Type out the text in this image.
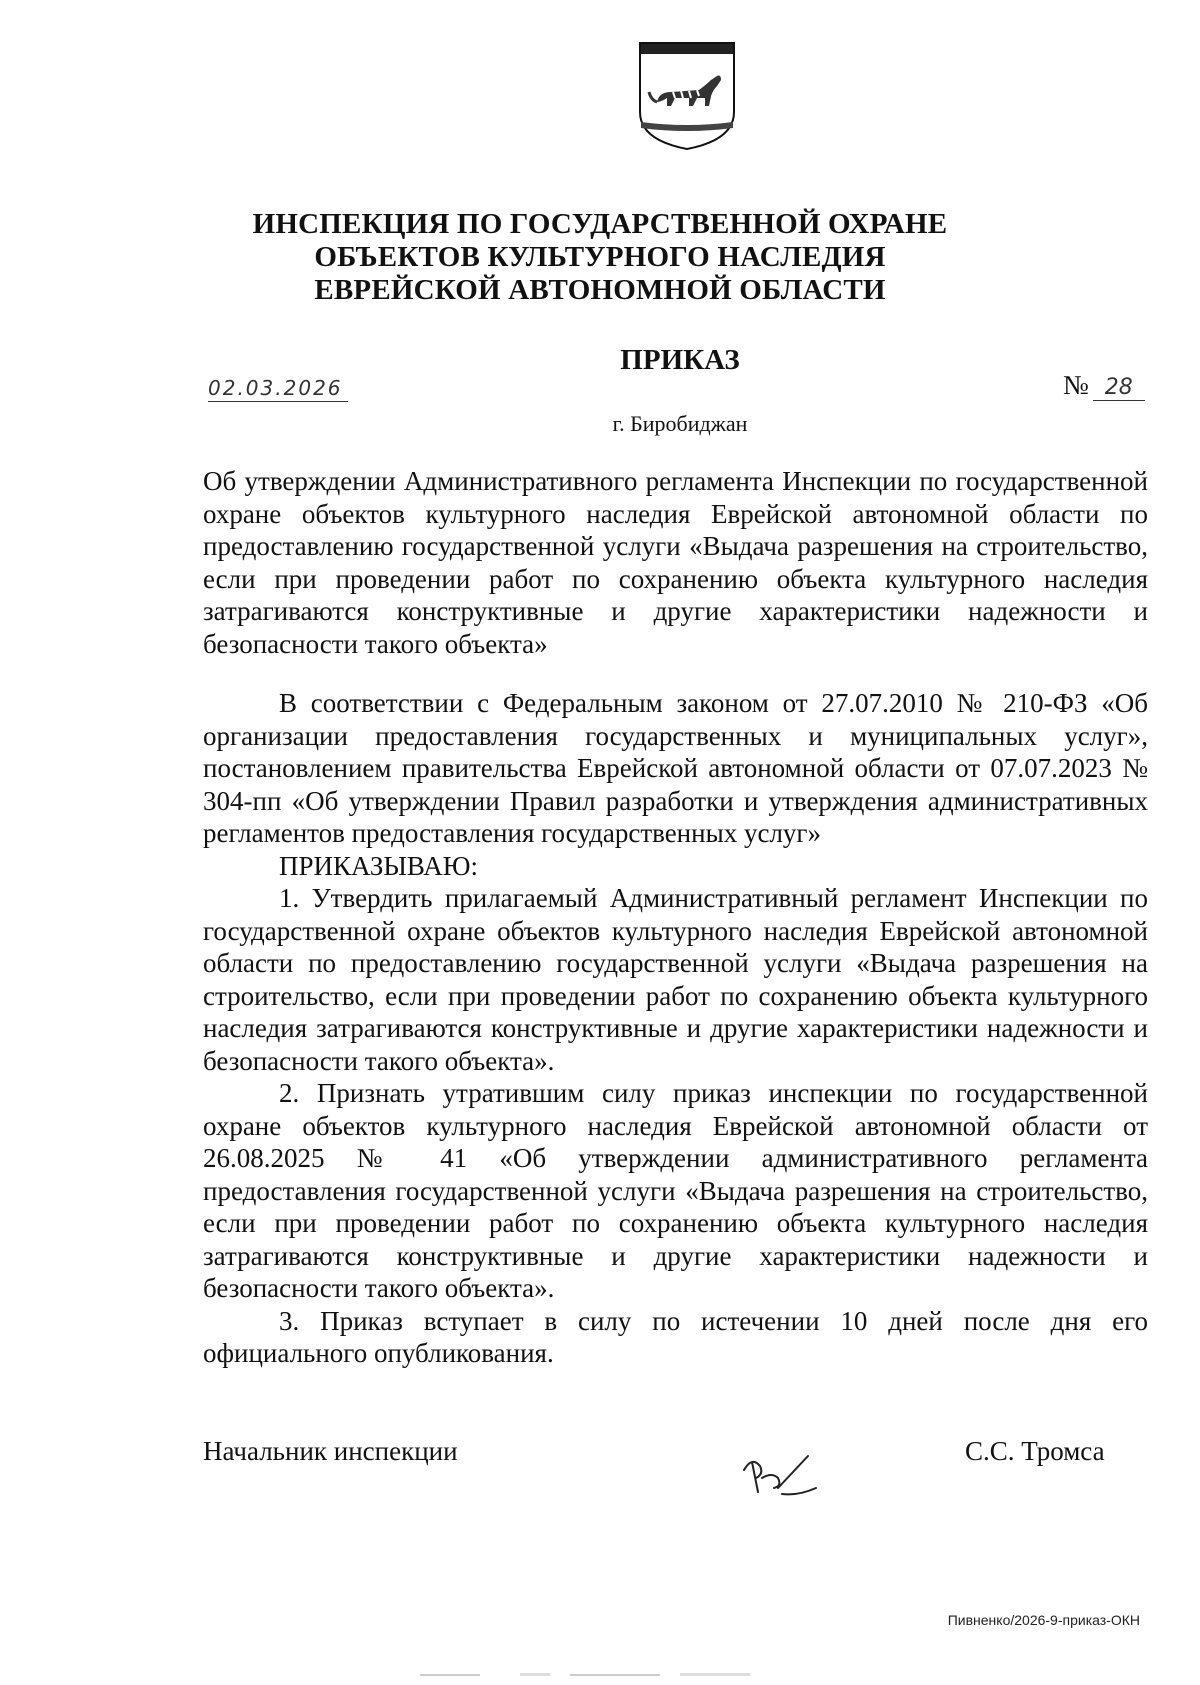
ИНСПЕКЦИЯ ПО ГОСУДАРСТВЕННОЙ ОХРАНЕ
ОБЪЕКТОВ КУЛЬТУРНОГО НАСЛЕДИЯ
ЕВРЕЙСКОЙ АВТОНОМНОЙ ОБЛАСТИ
ПРИКАЗ
02.03.2026	№ 28
г. Биробиджан
Об утверждении Административного регламента Инспекции по государственной охране объектов культурного наследия Еврейской автономной области по предоставлению государственной услуги «Выдача разрешения на строительство, если при проведении работ по сохранению объекта культурного наследия затрагиваются конструктивные и другие характеристики надежности и безопасности такого объекта»

В соответствии с Федеральным законом от 27.07.2010 № 210-ФЗ «Об организации предоставления государственных и муниципальных услуг», постановлением правительства Еврейской автономной области от 07.07.2023 № 304-пп «Об утверждении Правил разработки и утверждения административных регламентов предоставления государственных услуг»

ПРИКАЗЫВАЮ:

1. Утвердить прилагаемый Административный регламент Инспекции по государственной охране объектов культурного наследия Еврейской автономной области по предоставлению государственной услуги «Выдача разрешения на строительство, если при проведении работ по сохранению объекта культурного наследия затрагиваются конструктивные и другие характеристики надежности и безопасности такого объекта».

2. Признать утратившим силу приказ инспекции по государственной охране объектов культурного наследия Еврейской автономной области от 26.08.2025 № 41 «Об утверждении административного регламента предоставления государственной услуги «Выдача разрешения на строительство, если при проведении работ по сохранению объекта культурного наследия затрагиваются конструктивные и другие характеристики надежности и безопасности такого объекта».

3. Приказ вступает в силу по истечении 10 дней после дня его официального опубликования.

Начальник инспекции	С.С. Тромса
Пивненко/2026-9-приказ-ОКН
